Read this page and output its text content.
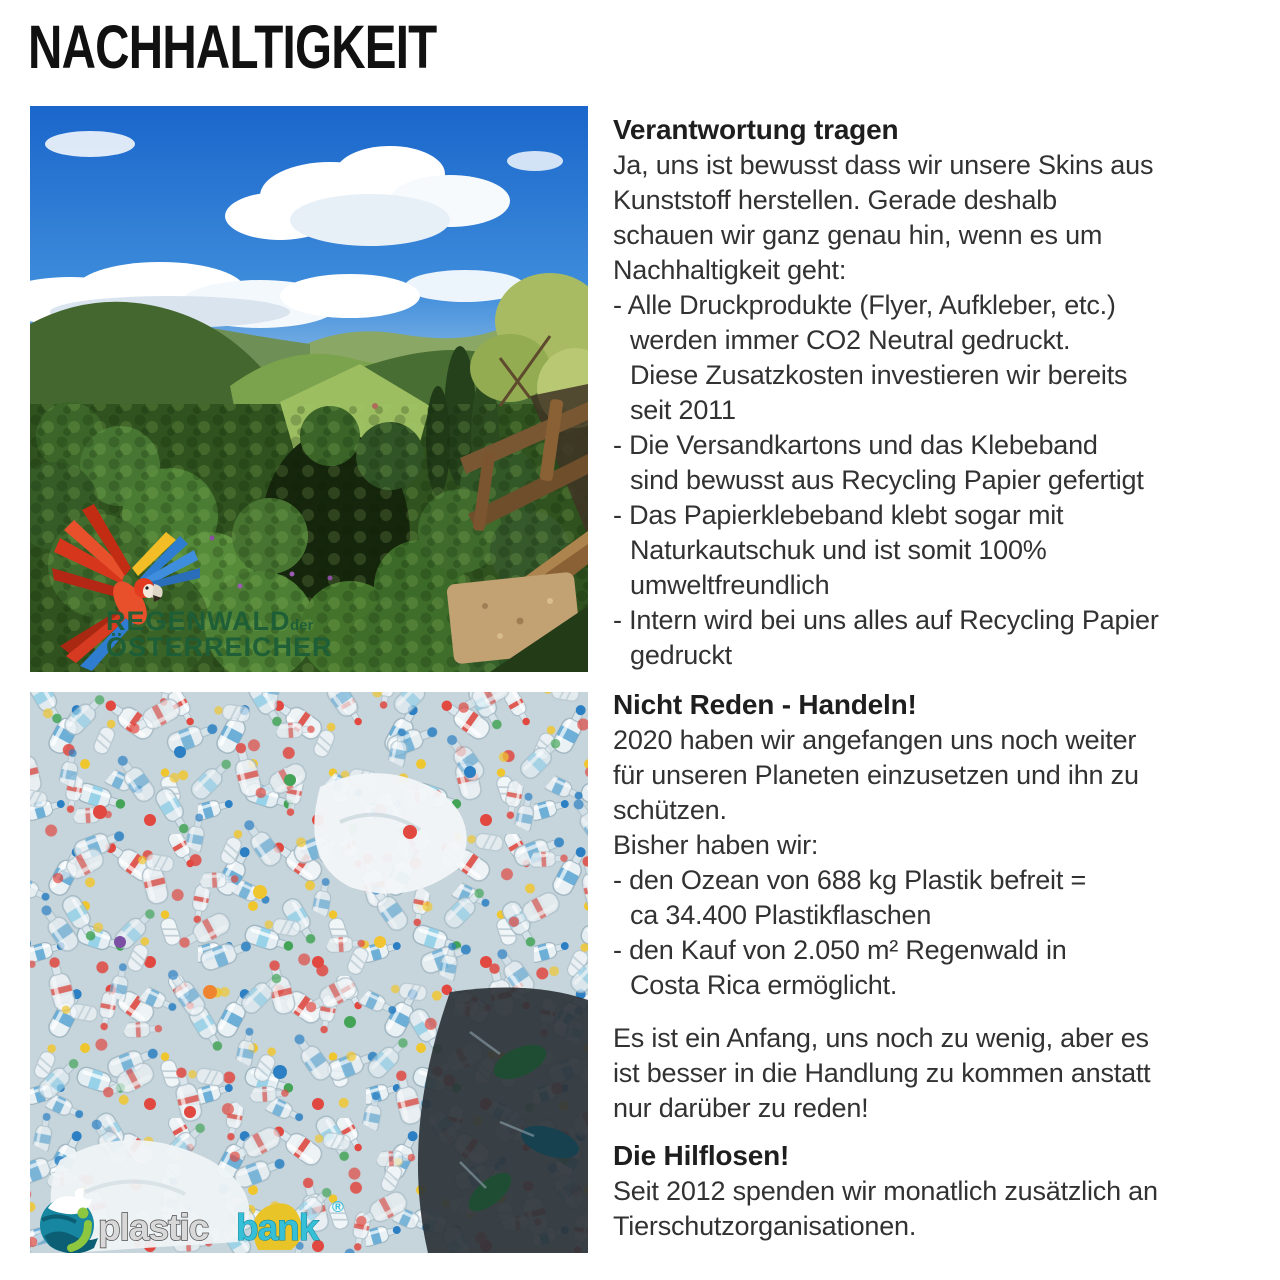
NACHHALTIGKEIT
REGENWALD der
ÖSTERREICHER
plastic bank ®
Verantwortung tragen
Ja, uns ist bewusst dass wir unsere Skins aus
Kunststoff herstellen. Gerade deshalb
schauen wir ganz genau hin, wenn es um
Nachhaltigkeit geht:
- Alle Druckprodukte (Flyer, Aufkleber, etc.)
werden immer CO2 Neutral gedruckt.
Diese Zusatzkosten investieren wir bereits
seit 2011
- Die Versandkartons und das Klebeband
sind bewusst aus Recycling Papier gefertigt
- Das Papierklebeband klebt sogar mit
Naturkautschuk und ist somit 100%
umweltfreundlich
- Intern wird bei uns alles auf Recycling Papier
gedruckt
Nicht Reden - Handeln!
2020 haben wir angefangen uns noch weiter
für unseren Planeten einzusetzen und ihn zu
schützen.
Bisher haben wir:
- den Ozean von 688 kg Plastik befreit =
ca 34.400 Plastikflaschen
- den Kauf von 2.050 m² Regenwald in
Costa Rica ermöglicht.
Es ist ein Anfang, uns noch zu wenig, aber es
ist besser in die Handlung zu kommen anstatt
nur darüber zu reden!
Die Hilflosen!
Seit 2012 spenden wir monatlich zusätzlich an
Tierschutzorganisationen.
